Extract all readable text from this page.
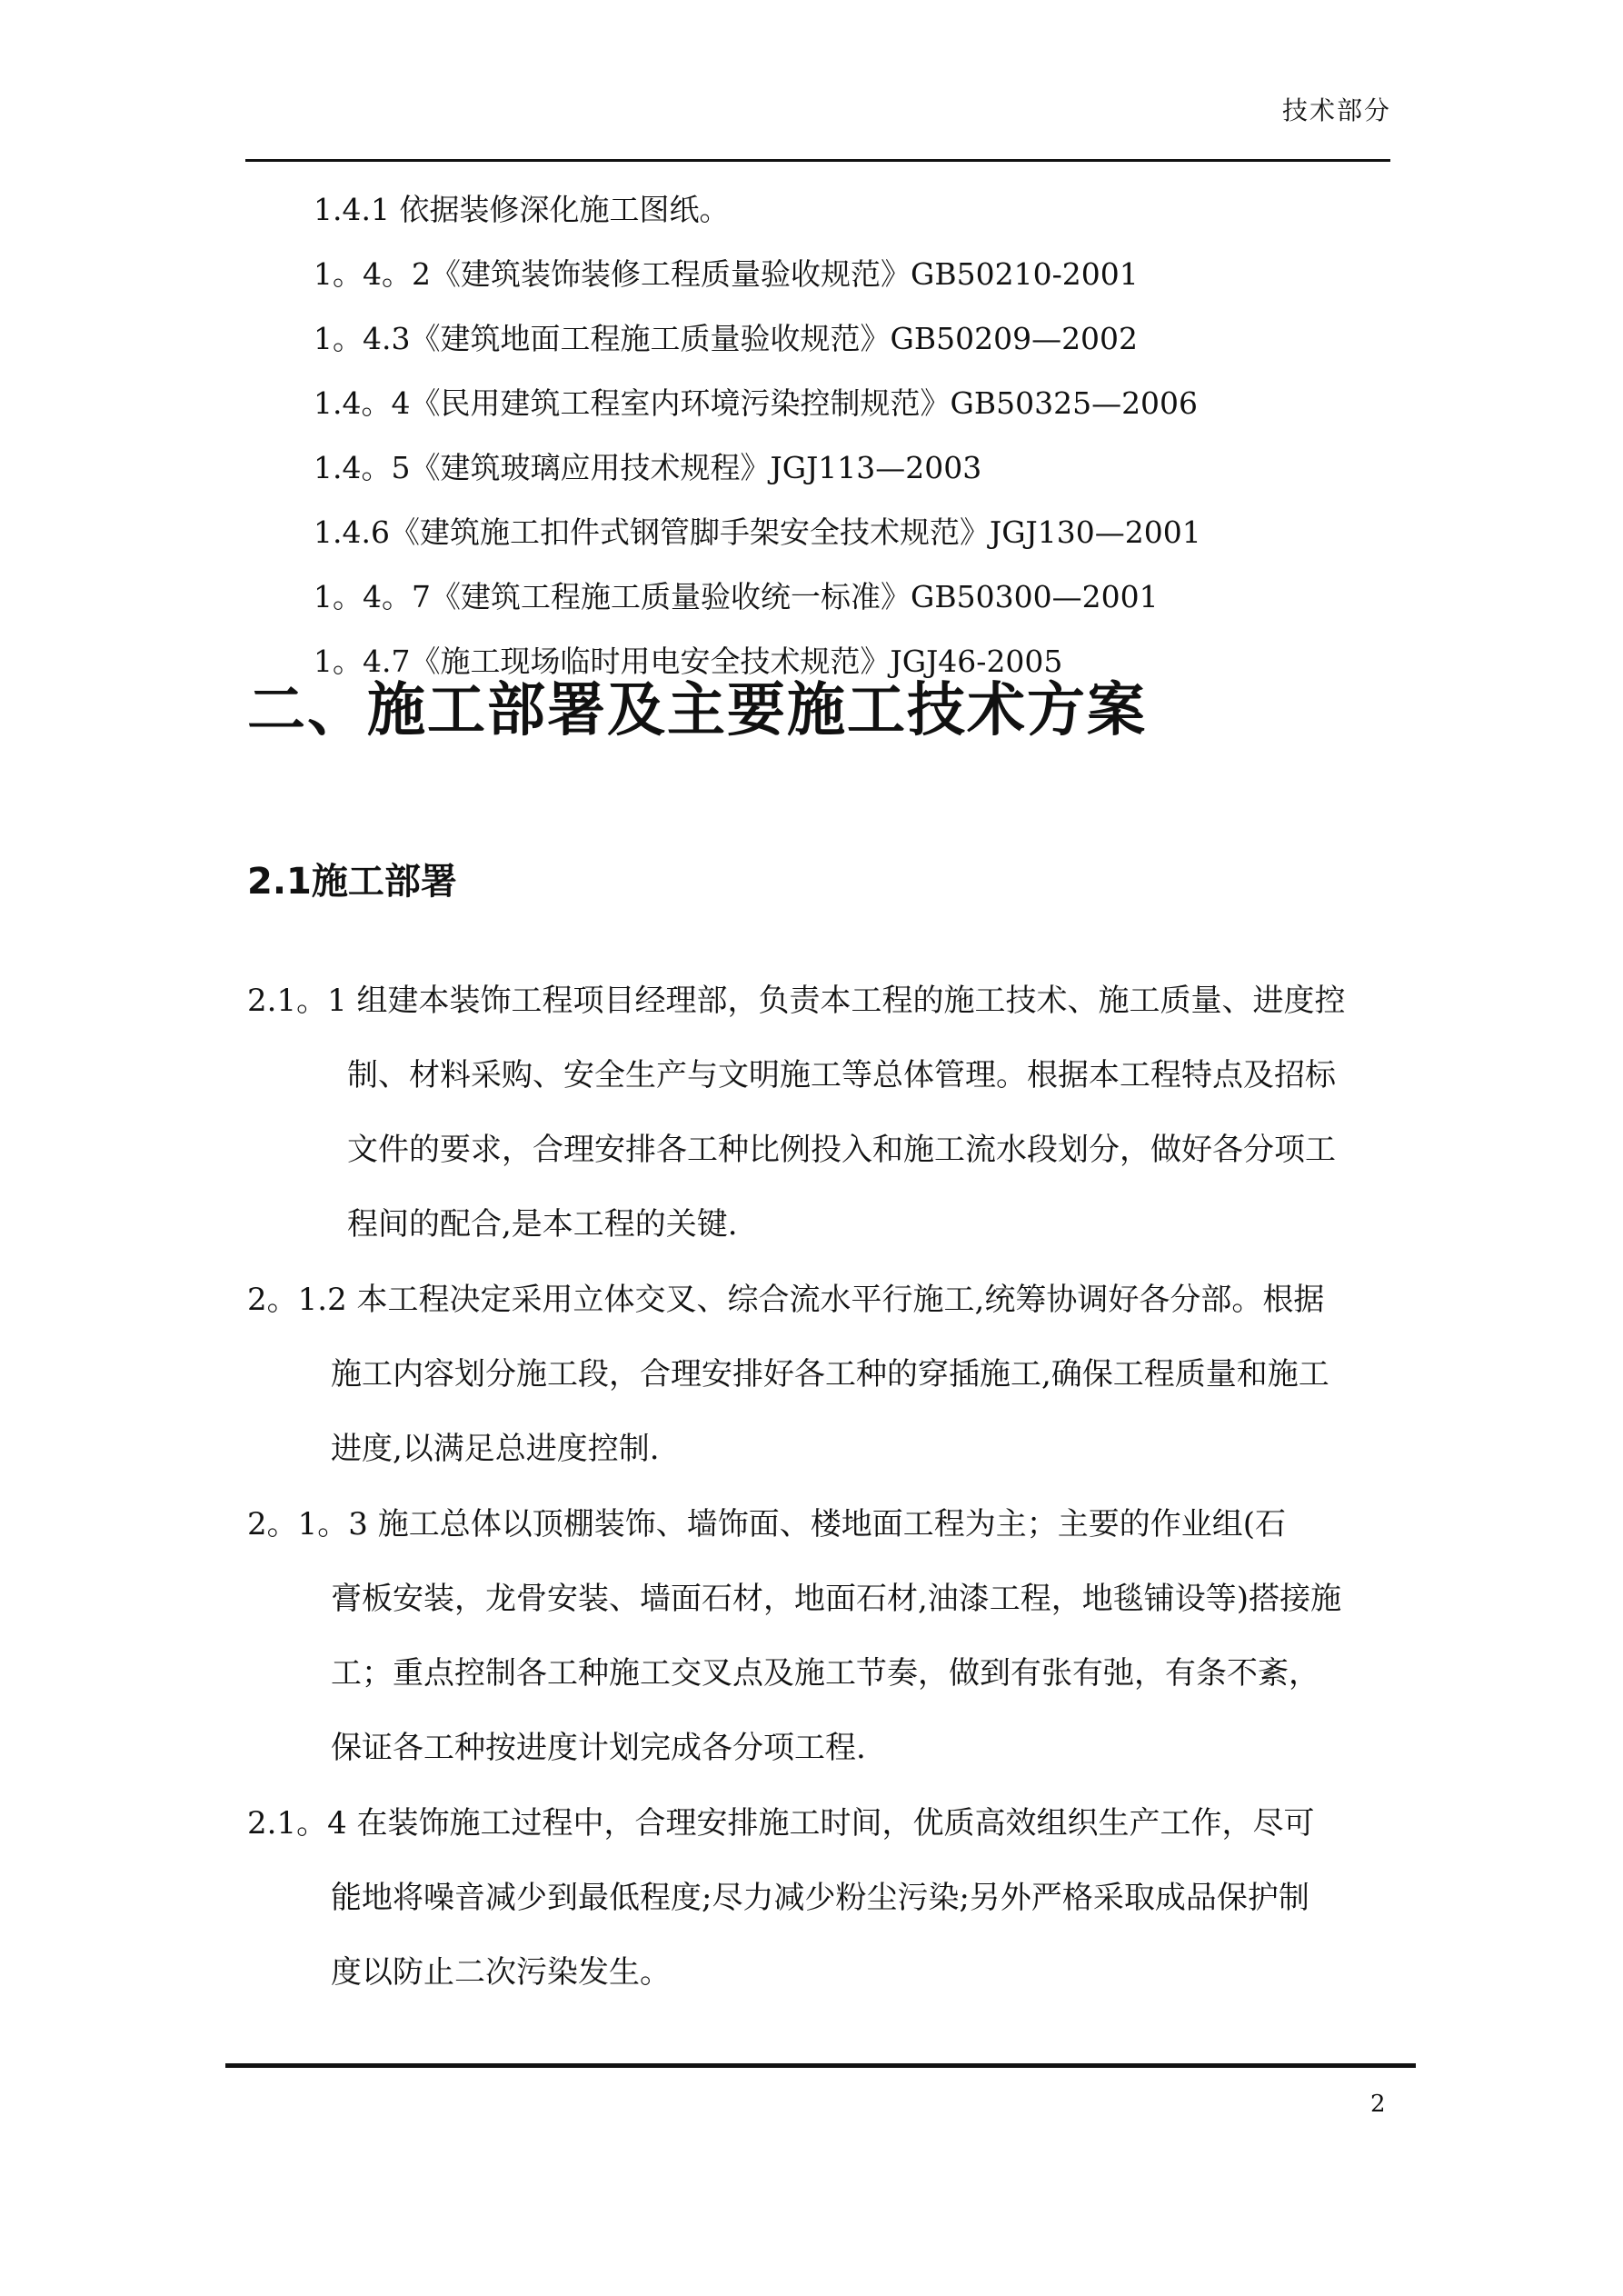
技术部分
1.4.1 依据装修深化施工图纸。
1。4。2《建筑装饰装修工程质量验收规范》GB50210-2001
1。4.3《建筑地面工程施工质量验收规范》GB50209—2002
1.4。4《民用建筑工程室内环境污染控制规范》GB50325—2006
1.4。5《建筑玻璃应用技术规程》JGJ113—2003
1.4.6《建筑施工扣件式钢管脚手架安全技术规范》JGJ130—2001
1。4。7《建筑工程施工质量验收统一标准》GB50300—2001
1。4.7《施工现场临时用电安全技术规范》JGJ46-2005
二、施工部署及主要施工技术方案
2.1施工部署
2.1。1 组建本装饰工程项目经理部，负责本工程的施工技术、施工质量、进度控
制、材料采购、安全生产与文明施工等总体管理。根据本工程特点及招标
文件的要求，合理安排各工种比例投入和施工流水段划分，做好各分项工
程间的配合,是本工程的关键.
2。1.2 本工程决定采用立体交叉、综合流水平行施工,统筹协调好各分部。根据
施工内容划分施工段，合理安排好各工种的穿插施工,确保工程质量和施工
进度,以满足总进度控制.
2。1。3 施工总体以顶棚装饰、墙饰面、楼地面工程为主；主要的作业组(石
膏板安装，龙骨安装、墙面石材，地面石材,油漆工程，地毯铺设等)搭接施
工；重点控制各工种施工交叉点及施工节奏，做到有张有弛，有条不紊，
保证各工种按进度计划完成各分项工程.
2.1。4 在装饰施工过程中，合理安排施工时间，优质高效组织生产工作，尽可
能地将噪音减少到最低程度;尽力减少粉尘污染;另外严格采取成品保护制
度以防止二次污染发生。
2
